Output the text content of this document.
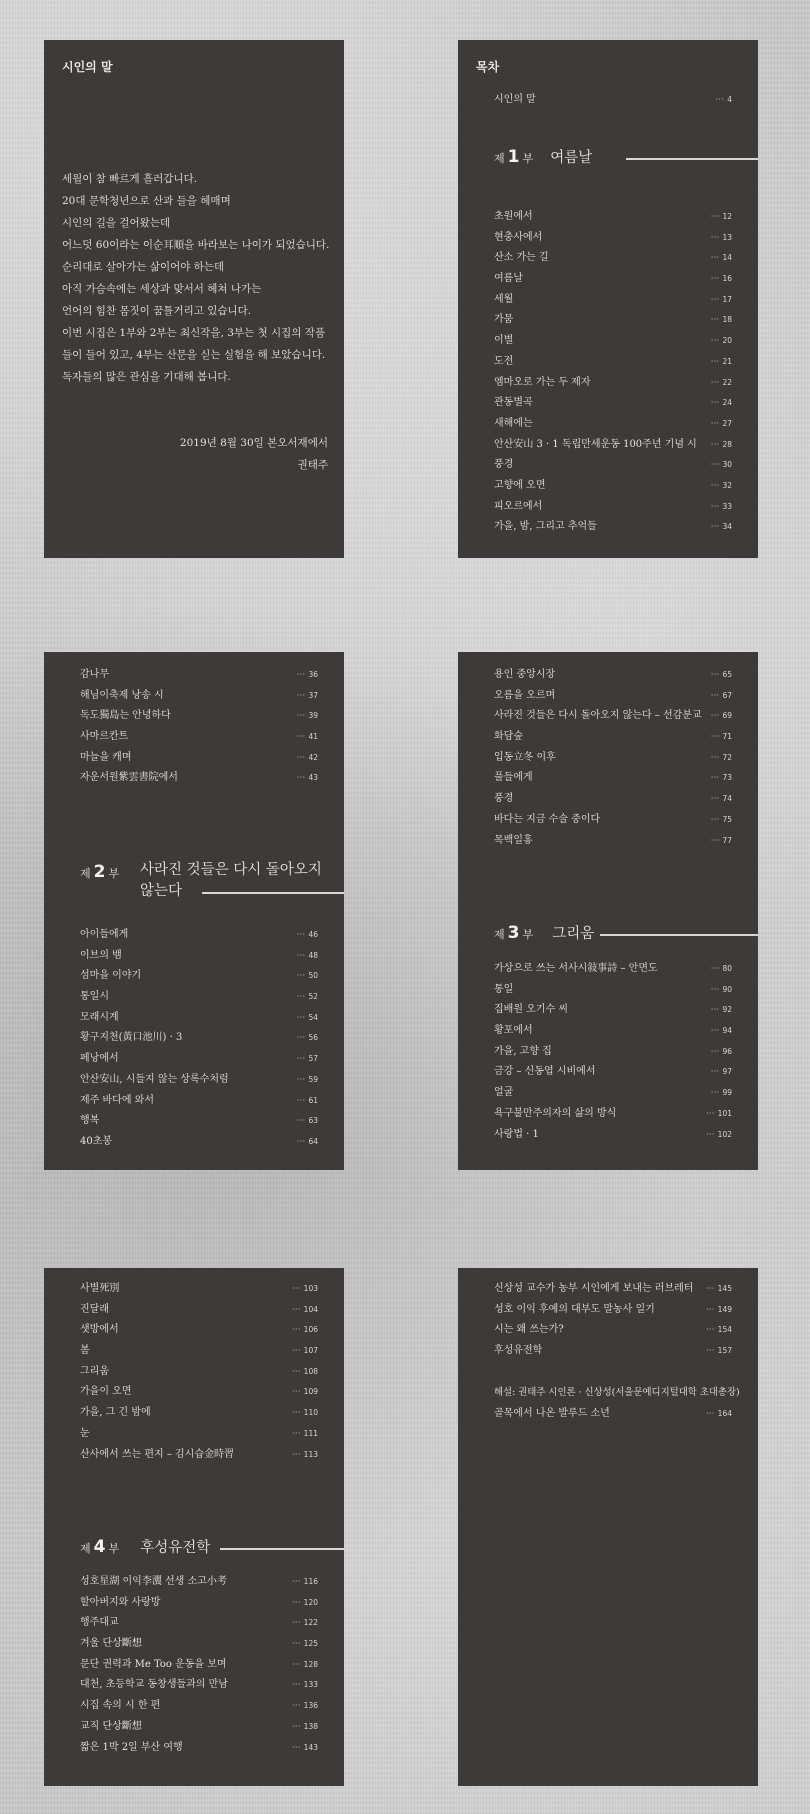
시인의 말
세월이 참 빠르게 흘러갑니다.
20대 문학청년으로 산과 들을 헤매며
시인의 길을 걸어왔는데
어느덧 60이라는 이순耳順을 바라보는 나이가 되었습니다.
순리대로 살아가는 삶이어야 하는데
아직 가슴속에는 세상과 맞서서 헤쳐 나가는
언어의 힘찬 몸짓이 꿈틀거리고 있습니다.
이번 시집은 1부와 2부는 최신작을, 3부는 첫 시집의 작품
들이 들어 있고, 4부는 산문을 싣는 실험을 해 보았습니다.
독자들의 많은 관심을 기대해 봅니다.
2019년 8월 30일 본오서재에서
권태주
목차
시인의 말	··· 4
제 1 부 여름날
초원에서	··· 12
현충사에서	··· 13
산소 가는 길	··· 14
여름날	··· 16
세월	··· 17
가뭄	··· 18
이별	··· 20
도전	··· 21
엠마오로 가는 두 제자	··· 22
관동별곡	··· 24
새해에는	··· 27
안산安山 3 · 1 독립만세운동 100주년 기념 시	··· 28
풍경	··· 30
고향에 오면	··· 32
피오르에서	··· 33
가을, 밤, 그리고 추억들	··· 34
감나무	··· 36
해님이축제 낭송 시	··· 37
독도獨島는 안녕하다	··· 39
사마르칸트	··· 41
마늘을 캐며	··· 42
자운서원紫雲書院에서	··· 43
제 2 부 사라진 것들은 다시 돌아오지
않는다
아이들에게	··· 46
이브의 뱀	··· 48
섬마을 이야기	··· 50
통일시	··· 52
모래시계	··· 54
황구지천(黃口池川) · 3	··· 56
페낭에서	··· 57
안산安山, 시들지 않는 상록수처럼	··· 59
제주 바다에 와서	··· 61
행복	··· 63
40초봉	··· 64
용인 중앙시장	··· 65
오름을 오르며	··· 67
사라진 것들은 다시 돌아오지 않는다 – 선감분교	··· 69
화담숲	··· 71
입동立冬 이후	··· 72
풀들에게	··· 73
풍경	··· 74
바다는 지금 수술 중이다	··· 75
목백일홍	··· 77
제 3 부 그리움
가상으로 쓰는 서사시敍事詩 – 안면도	··· 80
통일	··· 90
집배원 오기수 씨	··· 92
황포에서	··· 94
가을, 고향 집	··· 96
금강 – 신동엽 시비에서	··· 97
얼굴	··· 99
욕구불만주의자의 삶의 방식	··· 101
사랑법 · 1	··· 102
사별死別	··· 103
진달래	··· 104
샛방에서	··· 106
봄	··· 107
그리움	··· 108
가을이 오면	··· 109
가을, 그 긴 밤에	··· 110
눈	··· 111
산사에서 쓰는 편지 – 김시습金時習	··· 113
제 4 부 후성유전학
성호星湖 이익李瀷 선생 소고小考	··· 116
할아버지와 사랑방	··· 120
행주대교	··· 122
겨울 단상斷想	··· 125
문단 권력과 Me Too 운동을 보며	··· 128
대천, 초등학교 동창생들과의 만남	··· 133
시집 속의 시 한 편	··· 136
교직 단상斷想	··· 138
짧은 1박 2일 부산 여행	··· 143
신상성 교수가 농부 시인에게 보내는 러브레터	··· 145
성호 이익 후예의 대부도 말농사 일기	··· 149
시는 왜 쓰는가?	··· 154
후성유전학	··· 157
해설: 권태주 시인론 · 신상성(서울문예디지털대학 초대총장)
골목에서 나온 발루드 소년	··· 164
